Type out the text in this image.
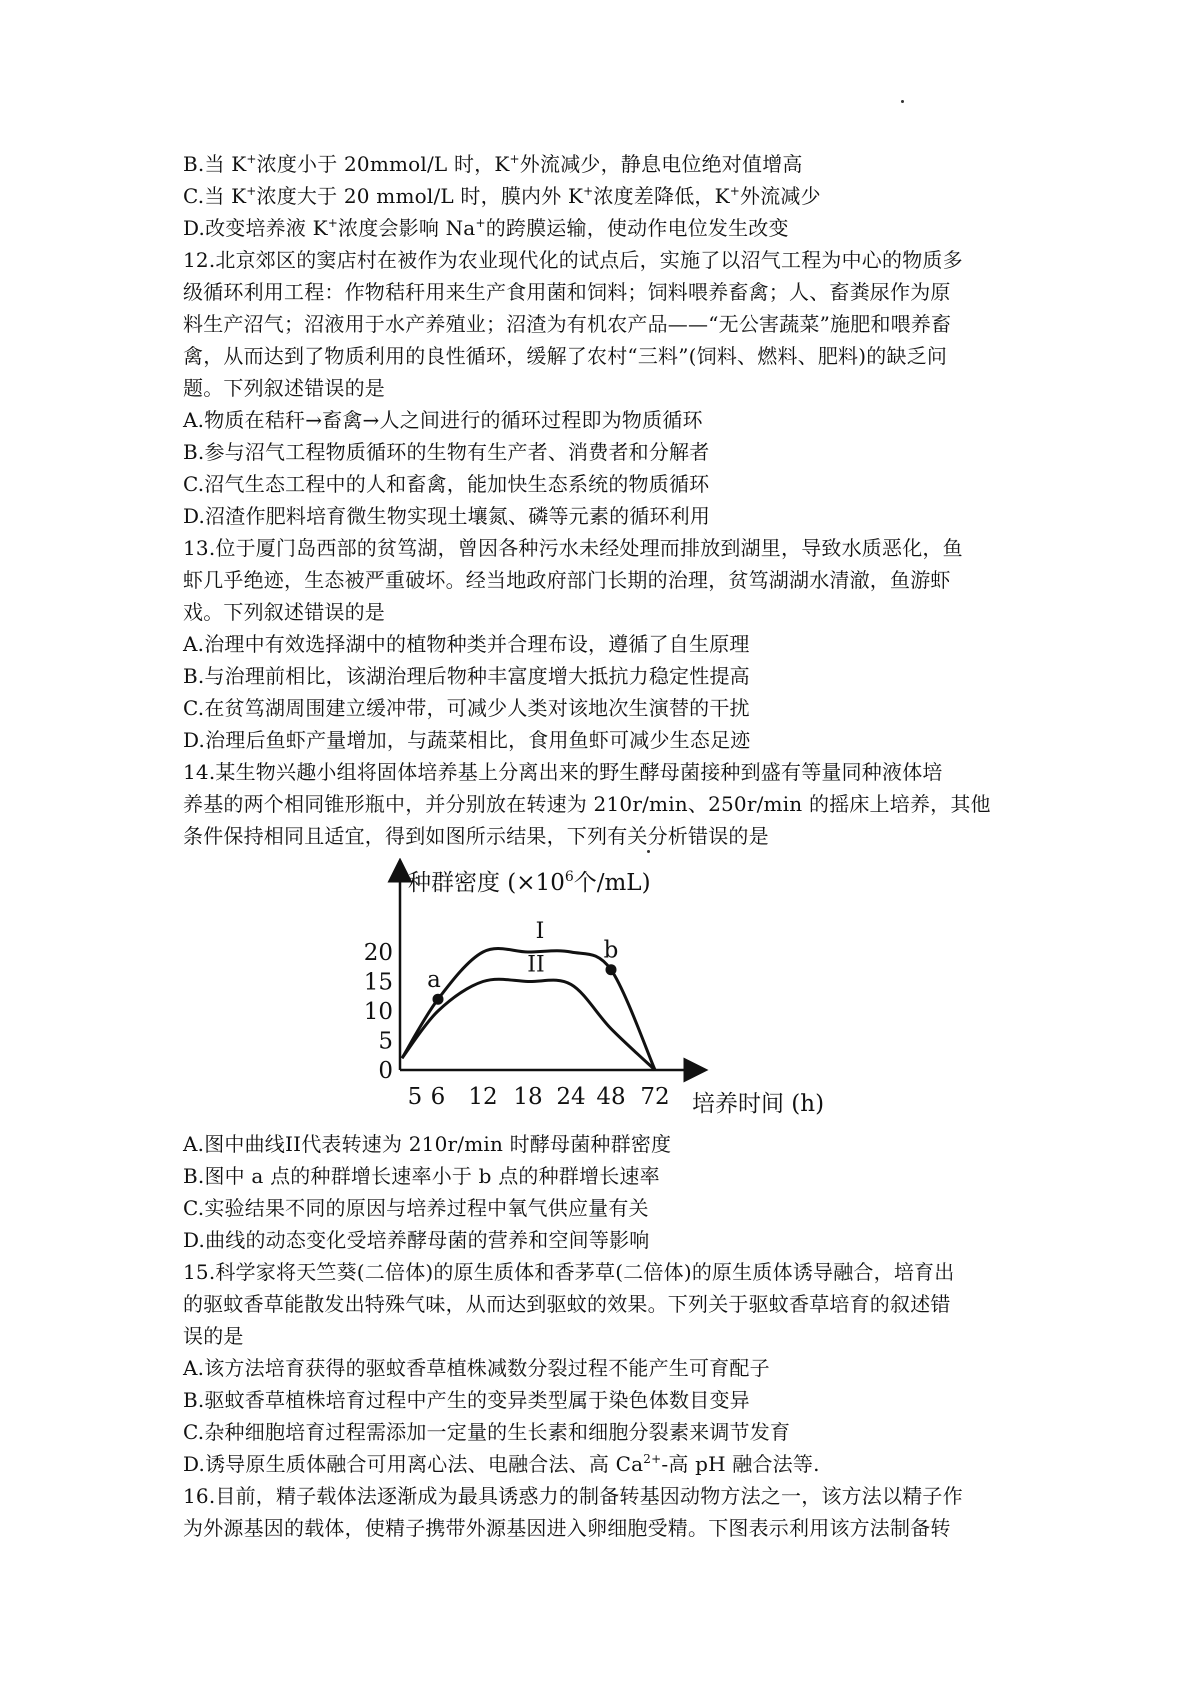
B.当 K+浓度小于 20mmol/L 时，K+外流减少，静息电位绝对值增高
C.当 K+浓度大于 20 mmol/L 时，膜内外 K+浓度差降低，K+外流减少
D.改变培养液 K+浓度会影响 Na+的跨膜运输，使动作电位发生改变
12.北京郊区的窦店村在被作为农业现代化的试点后，实施了以沼气工程为中心的物质多
级循环利用工程：作物秸秆用来生产食用菌和饲料；饲料喂养畜禽；人、畜粪尿作为原
料生产沼气；沼液用于水产养殖业；沼渣为有机农产品——“无公害蔬菜”施肥和喂养畜
禽，从而达到了物质利用的良性循环，缓解了农村“三料”(饲料、燃料、肥料)的缺乏问
题。下列叙述错误的是
A.物质在秸秆→畜禽→人之间进行的循环过程即为物质循环
B.参与沼气工程物质循环的生物有生产者、消费者和分解者
C.沼气生态工程中的人和畜禽，能加快生态系统的物质循环
D.沼渣作肥料培育微生物实现土壤氮、磷等元素的循环利用
13.位于厦门岛西部的贫笃湖，曾因各种污水未经处理而排放到湖里，导致水质恶化，鱼
虾几乎绝迹，生态被严重破坏。经当地政府部门长期的治理，贫笃湖湖水清澈，鱼游虾
戏。下列叙述错误的是
A.治理中有效选择湖中的植物种类并合理布设，遵循了自生原理
B.与治理前相比，该湖治理后物种丰富度增大抵抗力稳定性提高
C.在贫笃湖周围建立缓冲带，可减少人类对该地次生演替的干扰
D.治理后鱼虾产量增加，与蔬菜相比，食用鱼虾可减少生态足迹
14.某生物兴趣小组将固体培养基上分离出来的野生酵母菌接种到盛有等量同种液体培
养基的两个相同锥形瓶中，并分别放在转速为 210r/min、250r/min 的摇床上培养，其他
条件保持相同且适宜，得到如图所示结果，下列有关分析错误的是
种群密度 ($\times 10^6$个/mL)
培养时间 (h)
0
5
10
15
20
5 6 12 18 24 48 72
a
b
I
II
A.图中曲线II代表转速为 210r/min 时酵母菌种群密度
B.图中 a 点的种群增长速率小于 b 点的种群增长速率
C.实验结果不同的原因与培养过程中氧气供应量有关
D.曲线的动态变化受培养酵母菌的营养和空间等影响
15.科学家将天竺葵(二倍体)的原生质体和香茅草(二倍体)的原生质体诱导融合，培育出
的驱蚊香草能散发出特殊气味，从而达到驱蚊的效果。下列关于驱蚊香草培育的叙述错
误的是
A.该方法培育获得的驱蚊香草植株减数分裂过程不能产生可育配子
B.驱蚊香草植株培育过程中产生的变异类型属于染色体数目变异
C.杂种细胞培育过程需添加一定量的生长素和细胞分裂素来调节发育
D.诱导原生质体融合可用离心法、电融合法、高 $Ca^{2+}-$高 pH 融合法等.
16.目前，精子载体法逐渐成为最具诱惑力的制备转基因动物方法之一，该方法以精子作
为外源基因的载体，使精子携带外源基因进入卵细胞受精。下图表示利用该方法制备转
